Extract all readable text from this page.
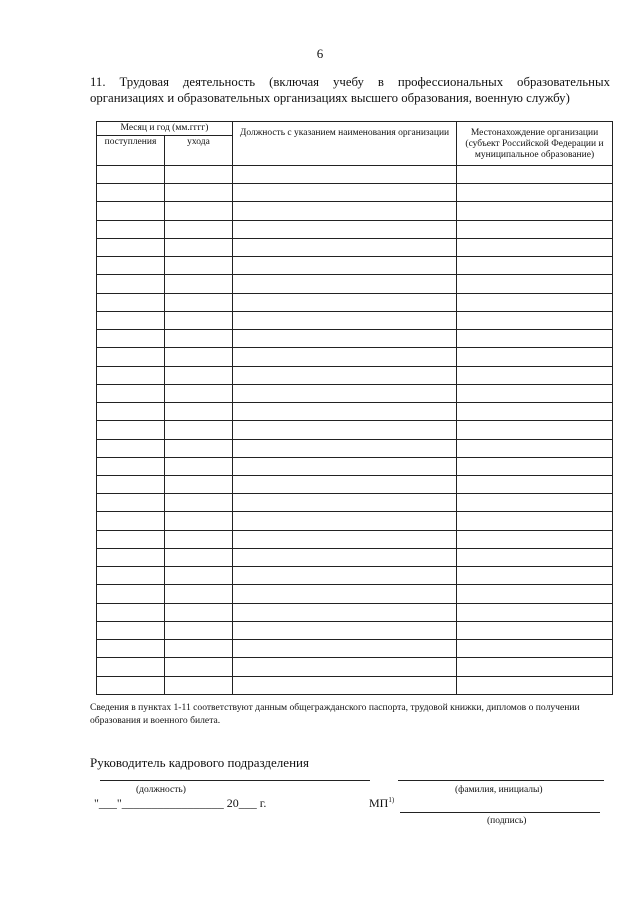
6
11. Трудовая деятельность (включая учебу в профессиональных образовательных организациях и образовательных организациях высшего образования, военную службу)
Месяц и год (мм.гггг)		Должность с указанием наименования организации	Местонахождение организации (субъект Российской Федерации и муниципальное образование)
поступления	ухода		

Сведения в пунктах 1-11 соответствуют данным общегражданского паспорта, трудовой книжки, дипломов о получении образования и военного билета.
Руководитель кадрового подразделения
(должность)	(фамилия, инициалы)
"___"_________________ 20___ г.	МП$^{1)}$
(подпись)
